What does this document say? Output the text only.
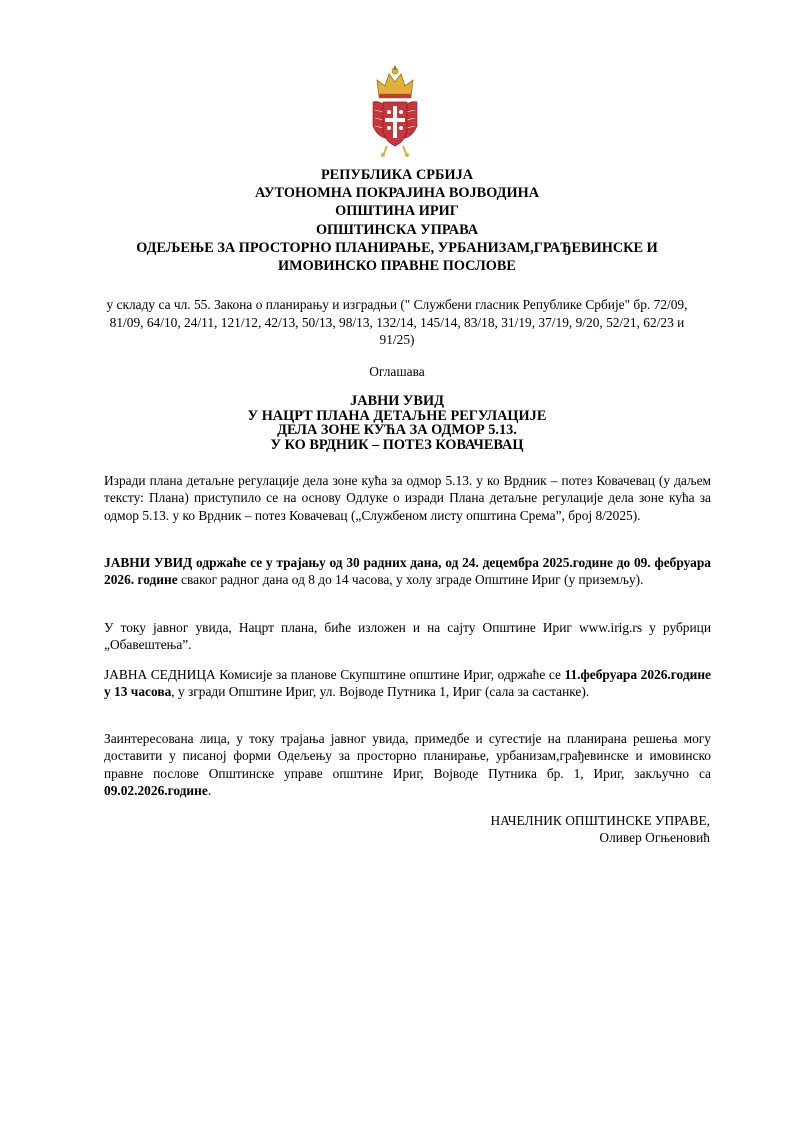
РЕПУБЛИКА СРБИЈА
АУТОНОМНА ПОКРАЈИНА ВОЈВОДИНА
ОПШТИНА ИРИГ
ОПШТИНСКА УПРАВА
ОДЕЉЕЊЕ ЗА ПРОСТОРНО ПЛАНИРАЊЕ, УРБАНИЗАМ,ГРАЂЕВИНСКЕ И
ИМОВИНСКО ПРАВНЕ ПОСЛОВЕ
у складу са чл. 55. Закона о планирању и изградњи (" Службени гласник Републике Србије" бр. 72/09, 81/09, 64/10, 24/11, 121/12, 42/13, 50/13, 98/13, 132/14, 145/14, 83/18, 31/19, 37/19, 9/20, 52/21, 62/23 и 91/25)
Оглашава
ЈАВНИ УВИД
У НАЦРТ ПЛАНА ДЕТАЉНЕ РЕГУЛАЦИЈЕ
ДЕЛА ЗОНЕ КУЋА ЗА ОДМОР 5.13.
У КО ВРДНИК – ПОТЕЗ КОВАЧЕВАЦ
Изради плана детаљне регулације дела зоне кућа за одмор 5.13. у ко Врдник – потез Ковачевац (у даљем тексту: Плана) приступило се на основу Одлуке о изради Плана детаљне регулације дела зоне кућа за одмор 5.13. у ко Врдник – потез Ковачевац („Службеном листу општина Срема”, број 8/2025).
ЈАВНИ УВИД одржаће се у трајању од 30 радних дана, од 24. децембра 2025.године до 09. фебруара 2026. године сваког радног дана од 8 до 14 часова, у холу зграде Општине Ириг (у приземљу).
У току јавног увида, Нацрт плана, биће изложен и на сајту Општине Ириг www.irig.rs у рубрици „Обавештења”.
ЈАВНА СЕДНИЦА Комисије за планове Скупштине општине Ириг, одржаће се 11.фебруара 2026.године у 13 часова, у згради Општине Ириг, ул. Војводе Путника 1, Ириг (сала за састанке).
Заинтересована лица, у току трајања јавног увида, примедбе и сугестије на планирана решења могу доставити у писаној форми Одељењу за просторно планирање, урбанизам,грађевинске и имовинско правне послове Општинске управе општине Ириг, Војводе Путника бр. 1, Ириг, закључно са 09.02.2026.године.
НАЧЕЛНИК ОПШТИНСКЕ УПРАВЕ,
Оливер Огњеновић
